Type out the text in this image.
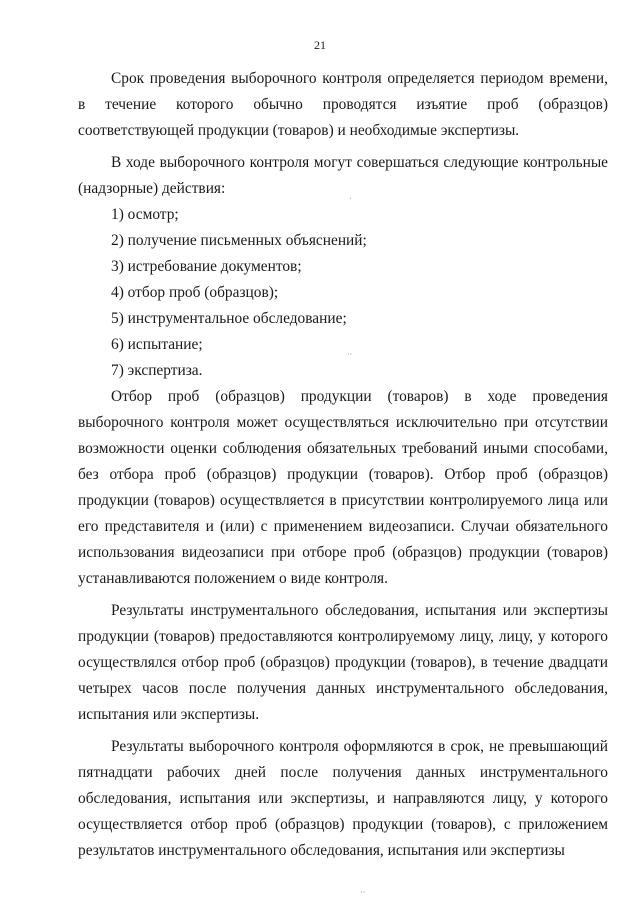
21

Срок проведения выборочного контроля определяется периодом времени, в течение которого обычно проводятся изъятие проб (образцов) соответствующей продукции (товаров) и необходимые экспертизы.

В ходе выборочного контроля могут совершаться следующие контрольные (надзорные) действия:

1) осмотр;

2) получение письменных объяснений;

3) истребование документов;

4) отбор проб (образцов);

5) инструментальное обследование;

6) испытание;

7) экспертиза.

Отбор проб (образцов) продукции (товаров) в ходе проведения выборочного контроля может осуществляться исключительно при отсутствии возможности оценки соблюдения обязательных требований иными способами, без отбора проб (образцов) продукции (товаров). Отбор проб (образцов) продукции (товаров) осуществляется в присутствии контролируемого лица или его представителя и (или) с применением видеозаписи. Случаи обязательного использования видеозаписи при отборе проб (образцов) продукции (товаров) устанавливаются положением о виде контроля.

Результаты инструментального обследования, испытания или экспертизы продукции (товаров) предоставляются контролируемому лицу, лицу, у которого осуществлялся отбор проб (образцов) продукции (товаров), в течение двадцати четырех часов после получения данных инструментального обследования, испытания или экспертизы.

Результаты выборочного контроля оформляются в срок, не превышающий пятнадцати рабочих дней после получения данных инструментального обследования, испытания или экспертизы, и направляются лицу, у которого осуществляется отбор проб (образцов) продукции (товаров), с приложением результатов инструментального обследования, испытания или экспертизы

·
··
··
